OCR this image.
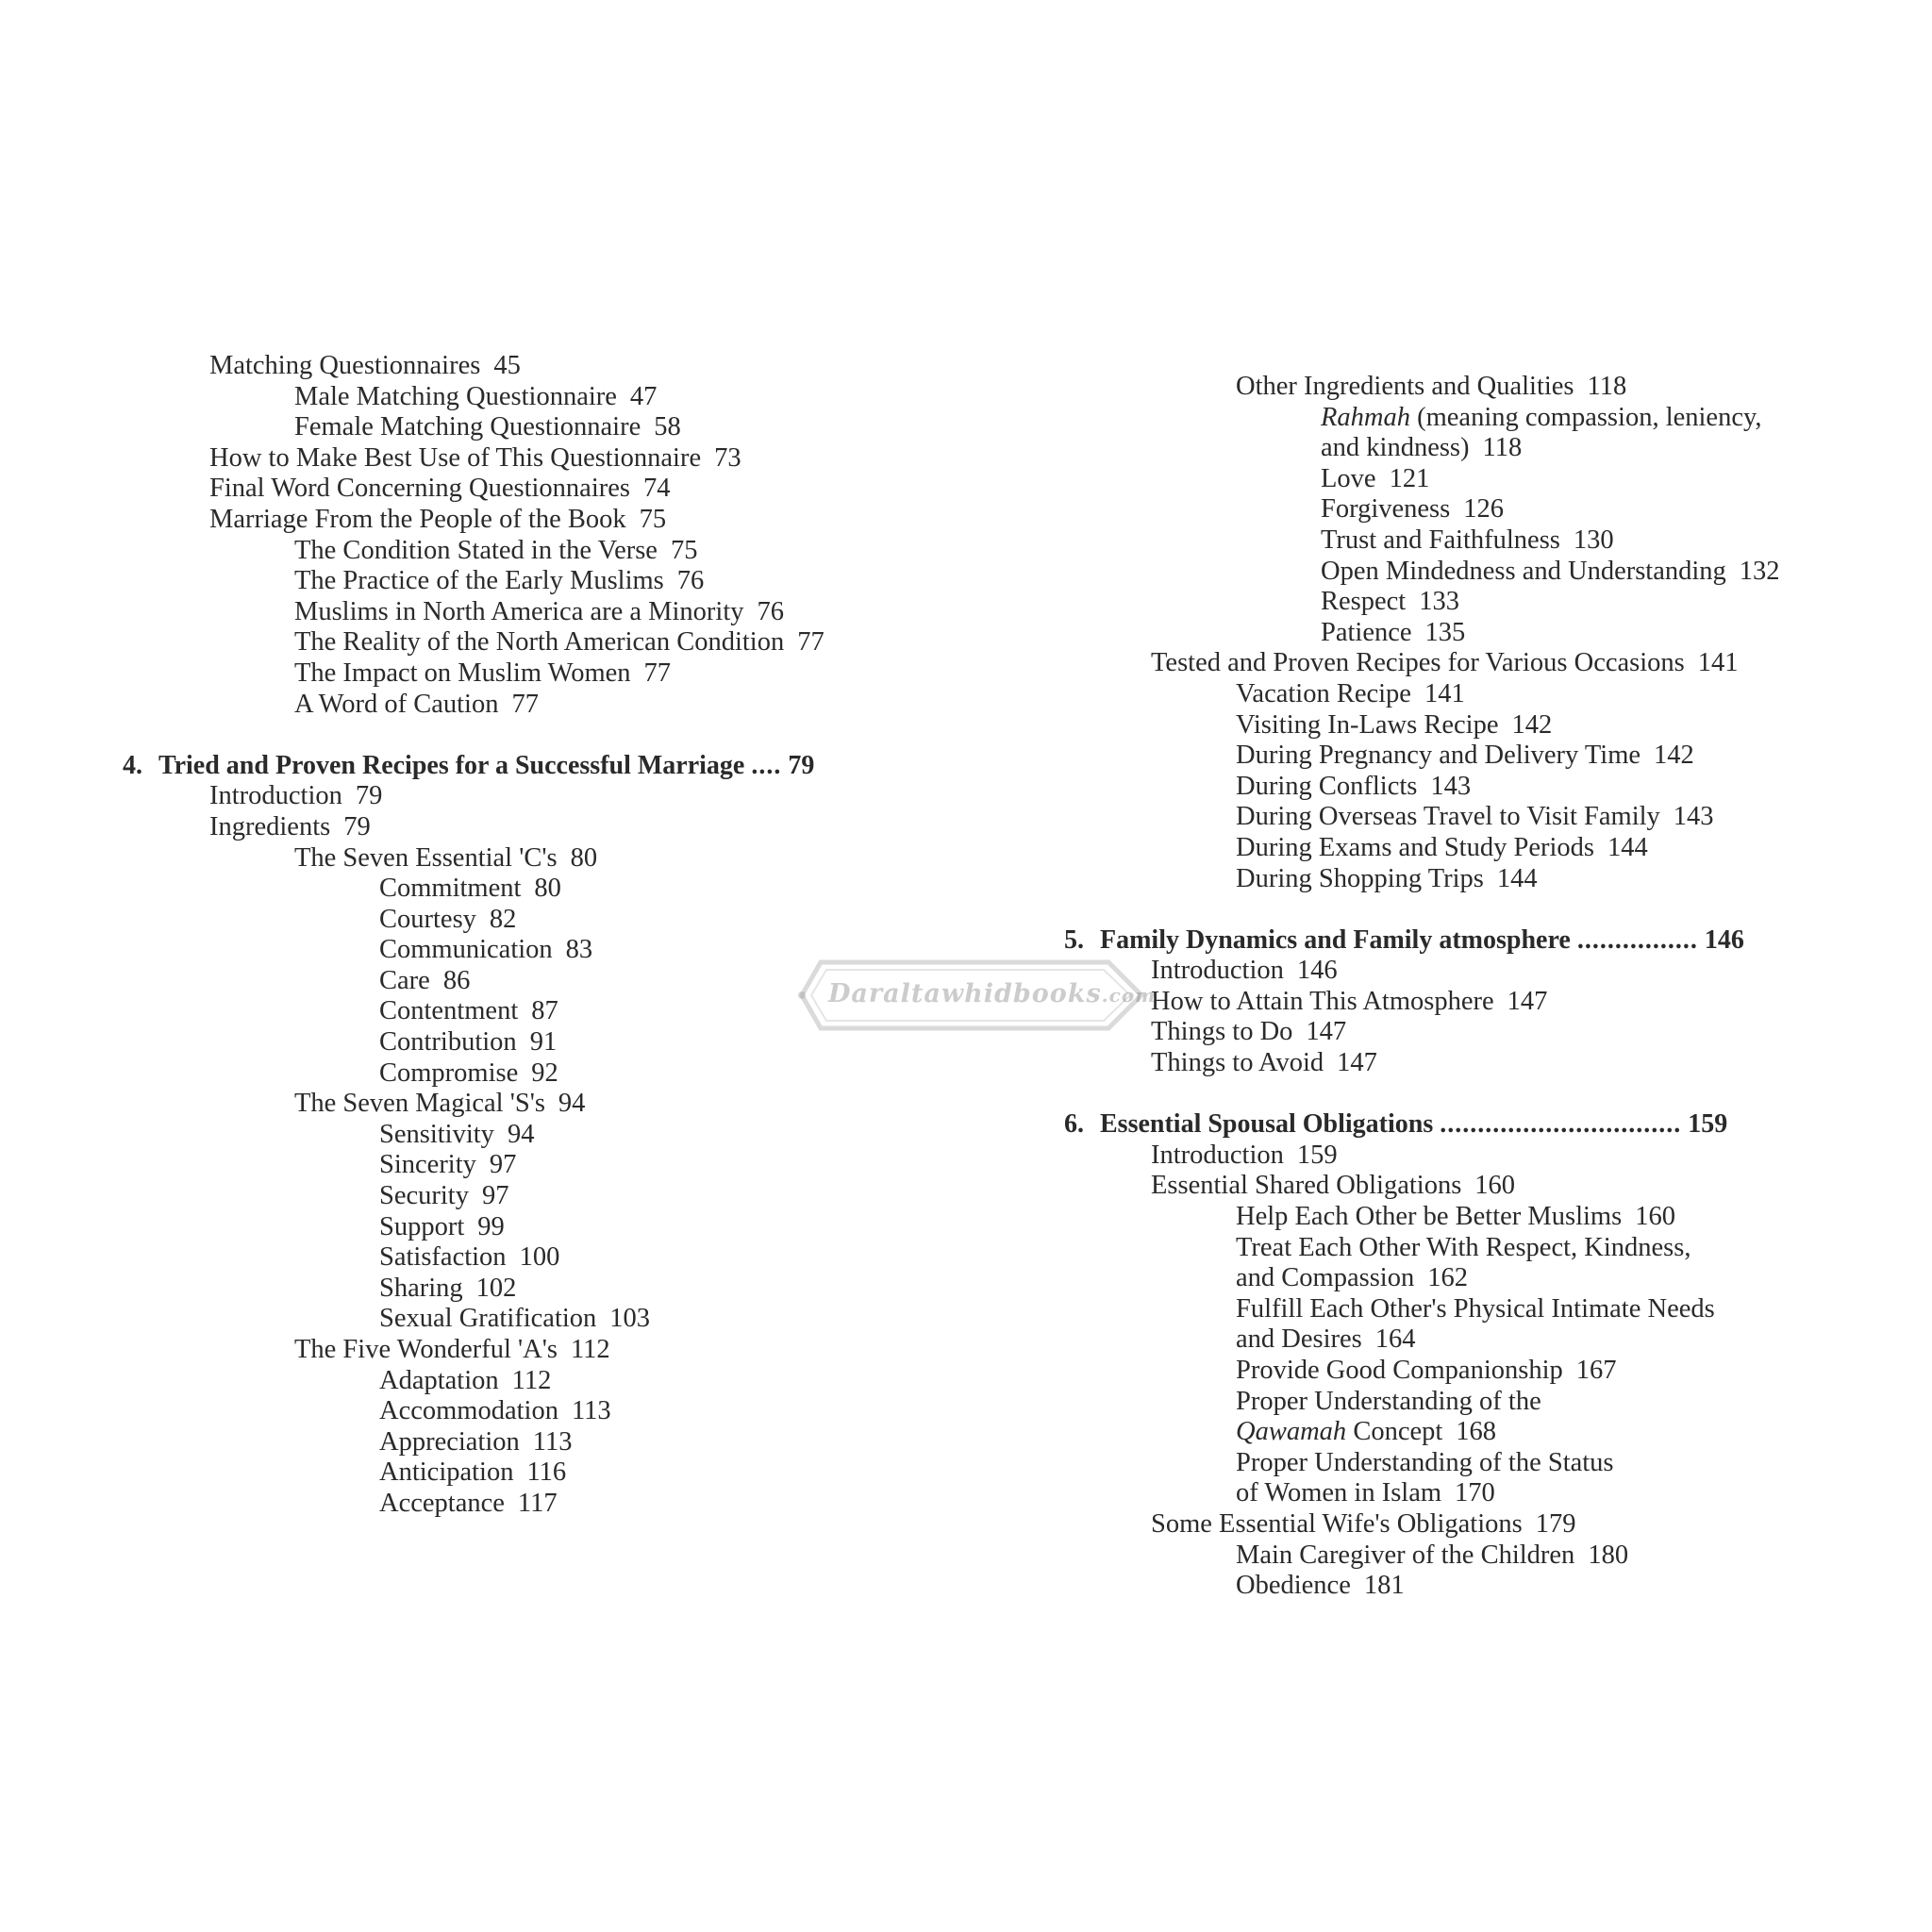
Matching Questionnaires 45
Male Matching Questionnaire 47
Female Matching Questionnaire 58
How to Make Best Use of This Questionnaire 73
Final Word Concerning Questionnaires 74
Marriage From the People of the Book 75
The Condition Stated in the Verse 75
The Practice of the Early Muslims 76
Muslims in North America are a Minority 76
The Reality of the North American Condition 77
The Impact on Muslim Women 77
A Word of Caution 77
4. Tried and Proven Recipes for a Successful Marriage .... 79
Introduction 79
Ingredients 79
The Seven Essential 'C's 80
Commitment 80
Courtesy 82
Communication 83
Care 86
Contentment 87
Contribution 91
Compromise 92
The Seven Magical 'S's 94
Sensitivity 94
Sincerity 97
Security 97
Support 99
Satisfaction 100
Sharing 102
Sexual Gratification 103
The Five Wonderful 'A's 112
Adaptation 112
Accommodation 113
Appreciation 113
Anticipation 116
Acceptance 117
Other Ingredients and Qualities 118
Rahmah (meaning compassion, leniency,
and kindness) 118
Love 121
Forgiveness 126
Trust and Faithfulness 130
Open Mindedness and Understanding 132
Respect 133
Patience 135
Tested and Proven Recipes for Various Occasions 141
Vacation Recipe 141
Visiting In-Laws Recipe 142
During Pregnancy and Delivery Time 142
During Conflicts 143
During Overseas Travel to Visit Family 143
During Exams and Study Periods 144
During Shopping Trips 144
5. Family Dynamics and Family atmosphere ................ 146
Introduction 146
How to Attain This Atmosphere 147
Things to Do 147
Things to Avoid 147
6. Essential Spousal Obligations ................................ 159
Introduction 159
Essential Shared Obligations 160
Help Each Other be Better Muslims 160
Treat Each Other With Respect, Kindness,
and Compassion 162
Fulfill Each Other's Physical Intimate Needs
and Desires 164
Provide Good Companionship 167
Proper Understanding of the
Qawamah Concept 168
Proper Understanding of the Status
of Women in Islam 170
Some Essential Wife's Obligations 179
Main Caregiver of the Children 180
Obedience 181
Daraltawhidbooks.com
